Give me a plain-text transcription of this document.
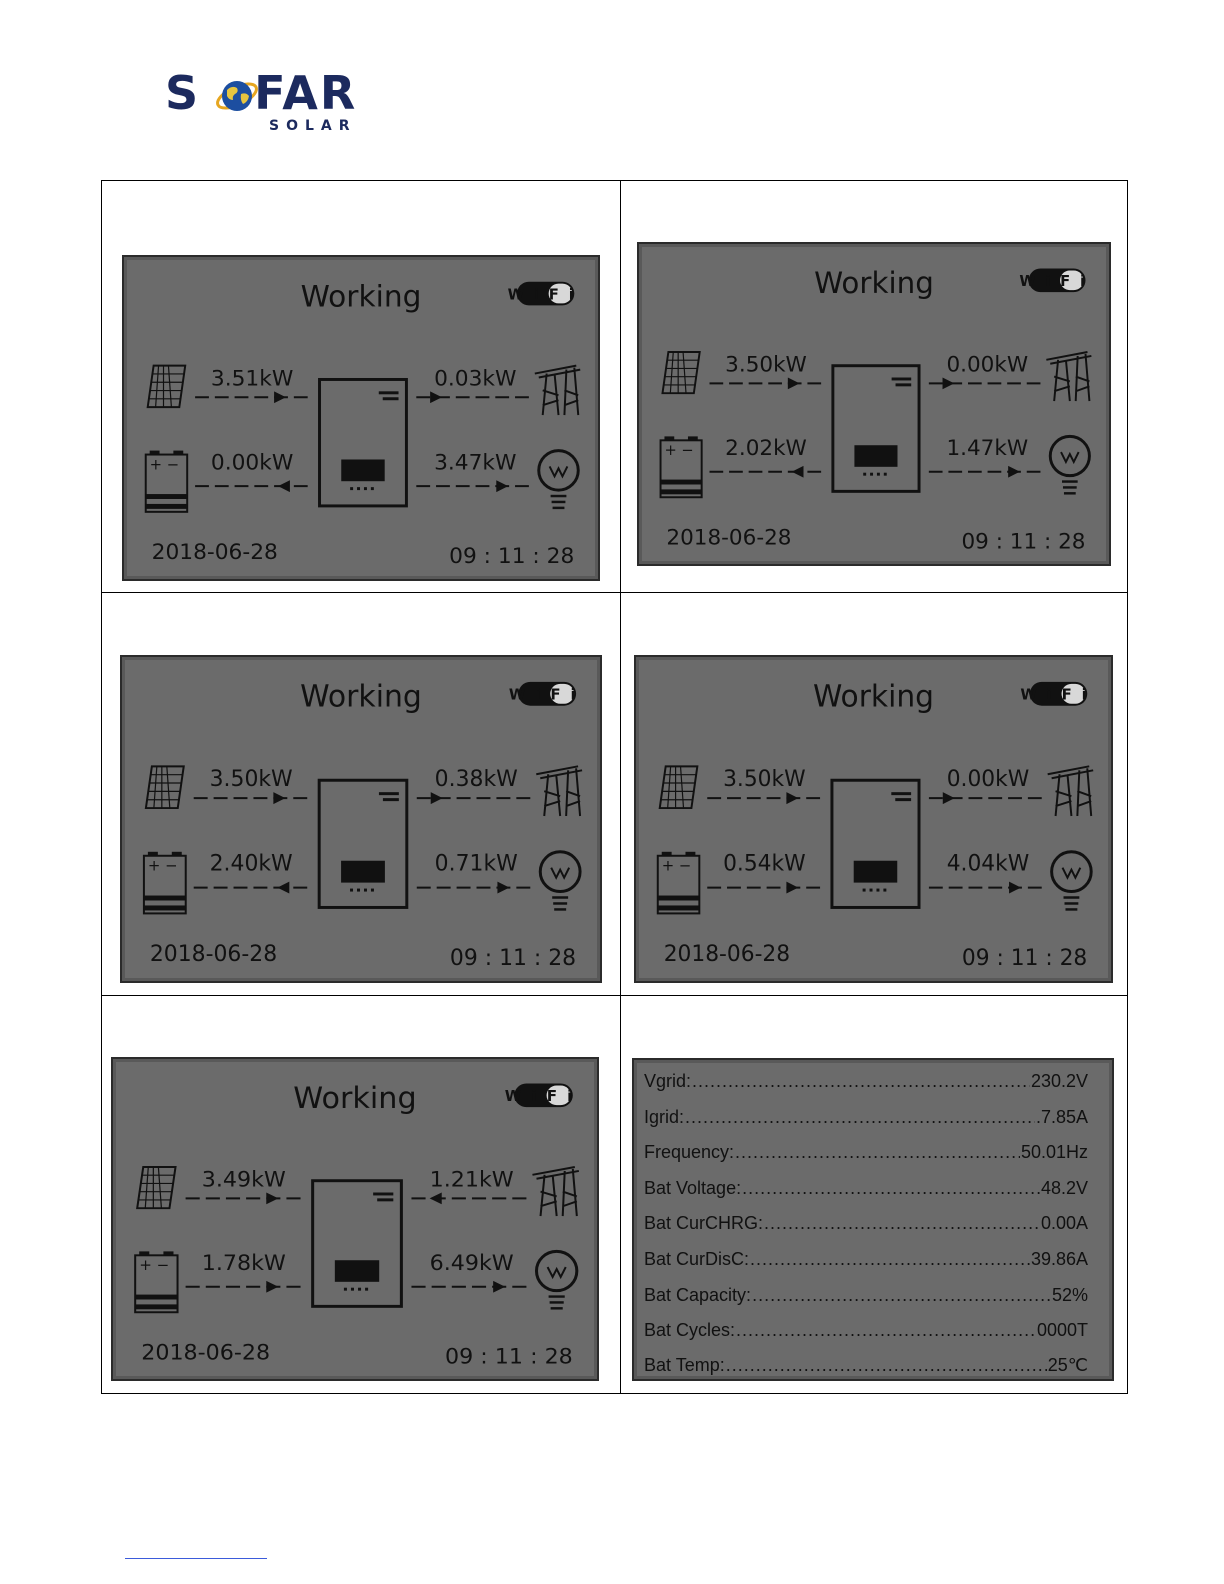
S FAR
SOLAR
Working	WiFi
+ −
3.51kW	0.03kW
0.00kW	3.47kW
2018-06-28	09 : 11 : 28
Working	WiFi
+ −
3.50kW	0.00kW
2.02kW	1.47kW
2018-06-28	09 : 11 : 28
Working	WiFi
+ −
3.50kW	0.38kW
2.40kW	0.71kW
2018-06-28	09 : 11 : 28
Working	WiFi
+ −
3.50kW	0.00kW
0.54kW	4.04kW
2018-06-28	09 : 11 : 28
Working	WiFi
+ −
3.49kW	1.21kW
1.78kW	6.49kW
2018-06-28	09 : 11 : 28
Vgrid: .....	230.2V
Igrid: .....	.7.85A
Frequency: .....	50.01Hz
Bat Voltage: .....	48.2V
Bat CurCHRG: .....	0.00A
Bat CurDisC: .....	39.86A
Bat Capacity: .....	52%
Bat Cycles: .....	0000T
Bat Temp: .....	25℃
